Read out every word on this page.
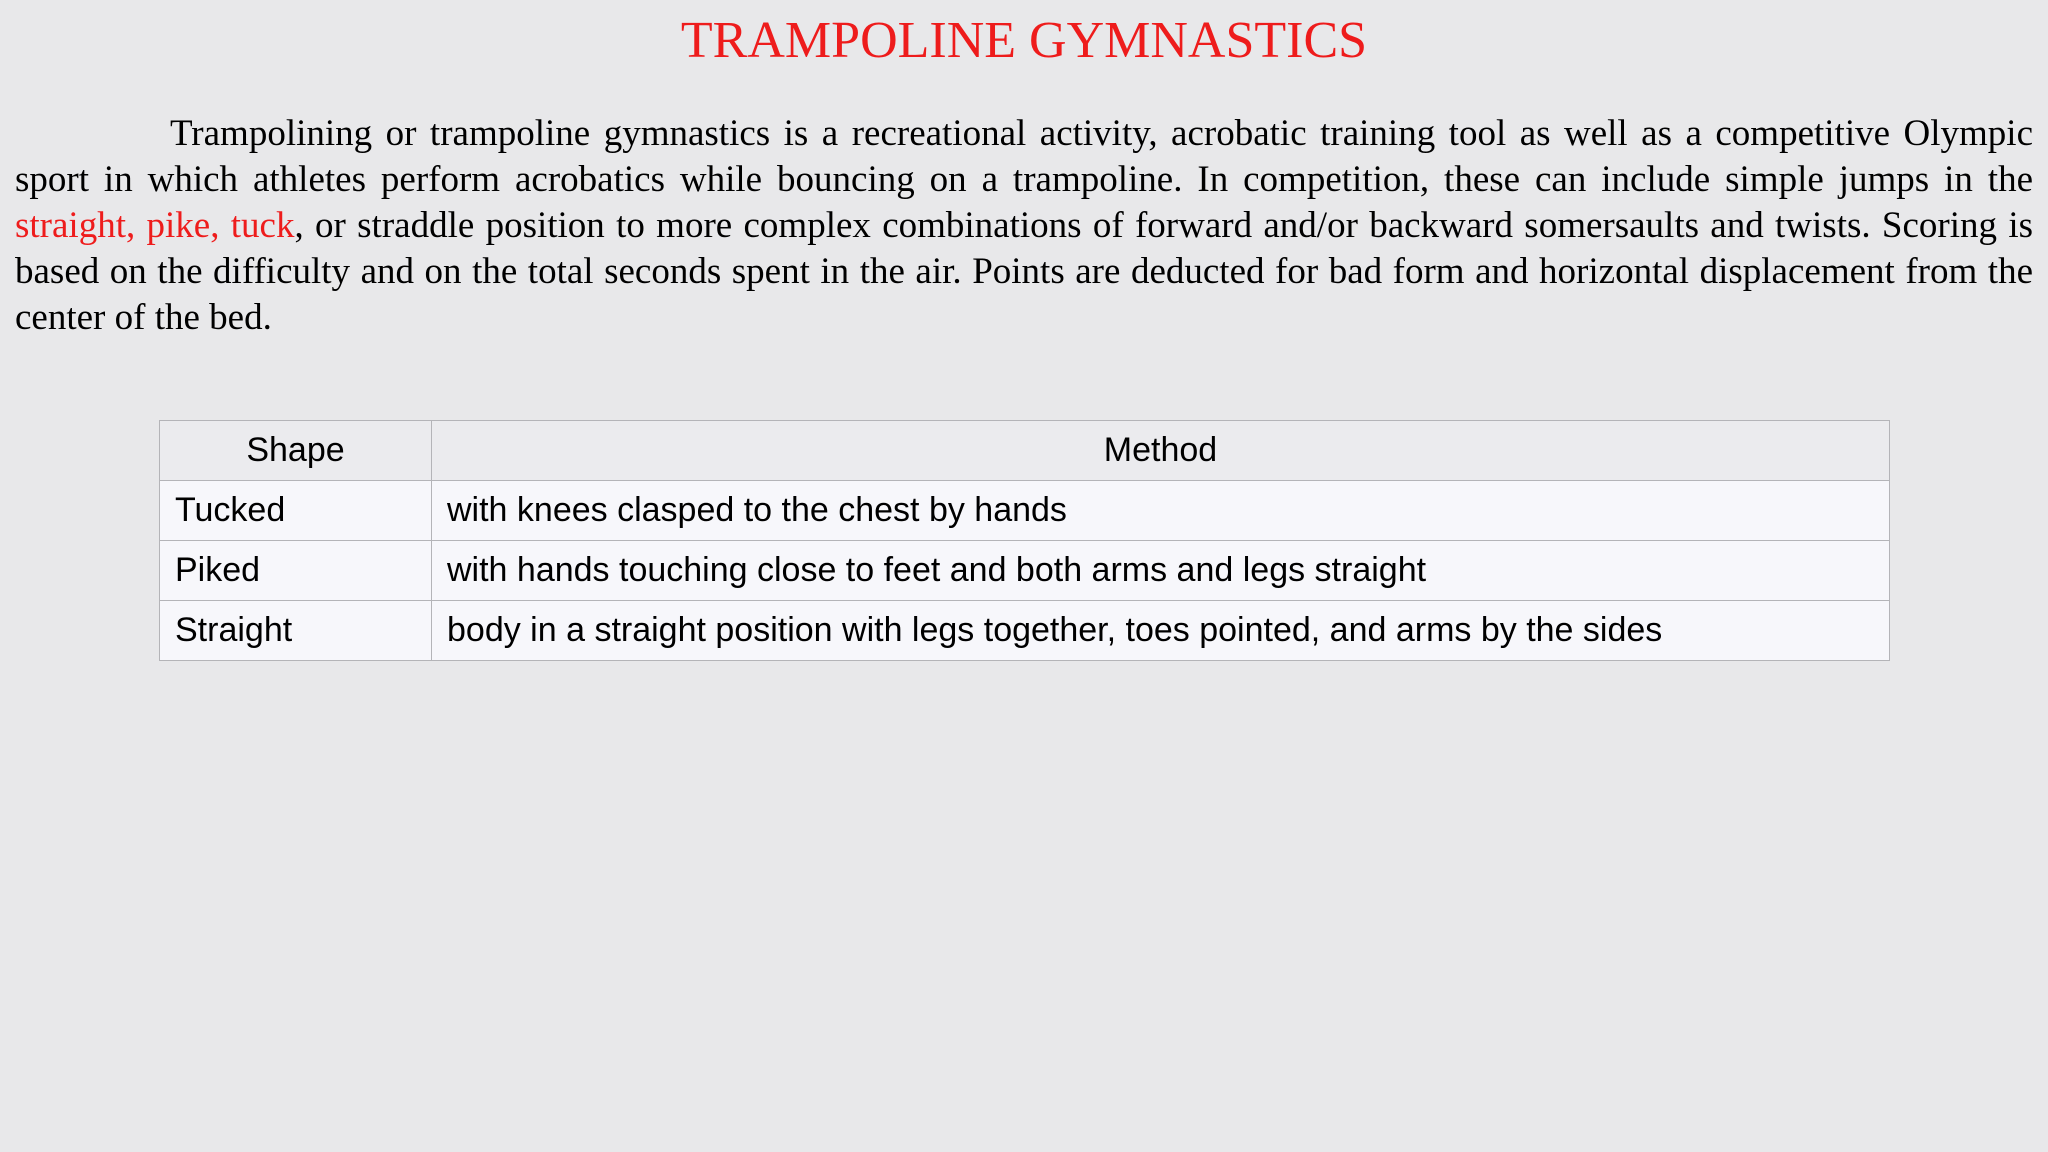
TRAMPOLINE GYMNASTICS

Trampolining or trampoline gymnastics is a recreational activity, acrobatic training tool as well as a competitive Olympic sport in which athletes perform acrobatics while bouncing on a trampoline. In competition, these can include simple jumps in the straight, pike, tuck, or straddle position to more complex combinations of forward and/or backward somersaults and twists. Scoring is based on the difficulty and on the total seconds spent in the air. Points are deducted for bad form and horizontal displacement from the center of the bed.

Shape	Method
Tucked	with knees clasped to the chest by hands
Piked	with hands touching close to feet and both arms and legs straight
Straight	body in a straight position with legs together, toes pointed, and arms by the sides
